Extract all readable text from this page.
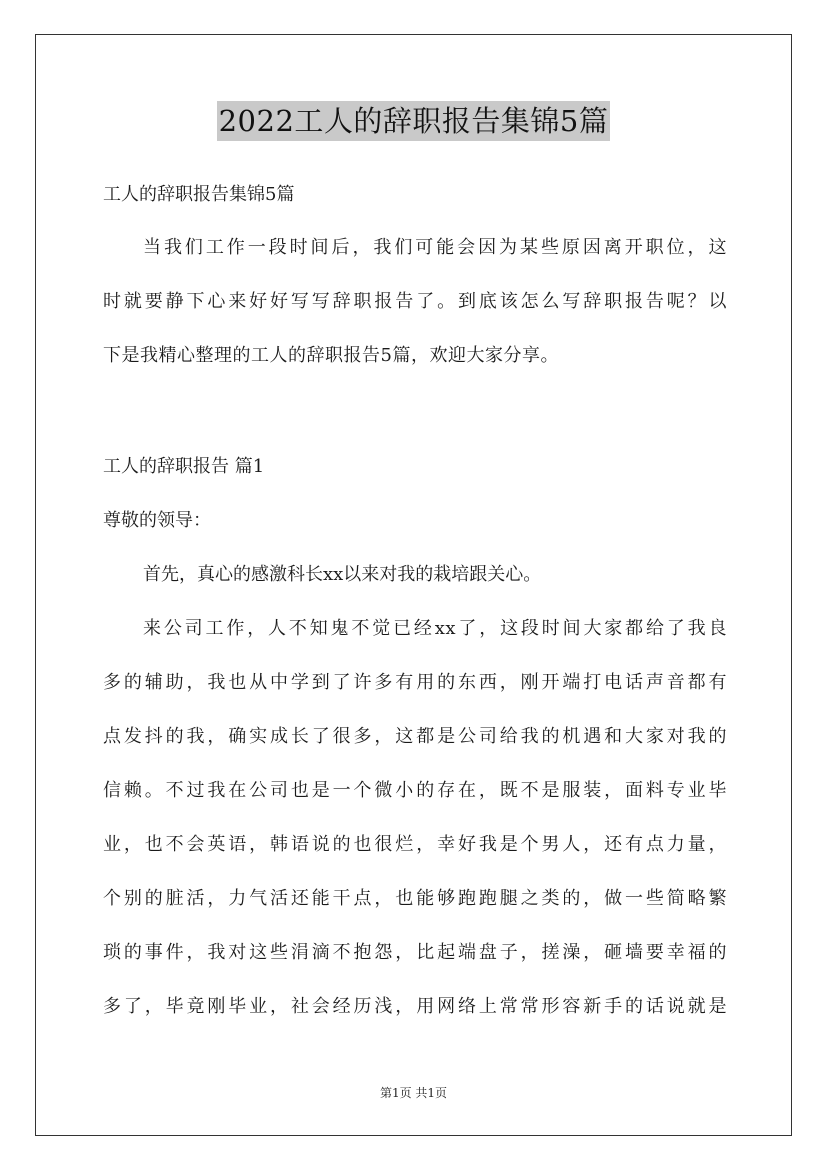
2022工人的辞职报告集锦5篇

工人的辞职报告集锦5篇

当我们工作一段时间后，我们可能会因为某些原因离开职位，这
时就要静下心来好好写写辞职报告了。到底该怎么写辞职报告呢？以
下是我精心整理的工人的辞职报告5篇，欢迎大家分享。

工人的辞职报告 篇1

尊敬的领导：

首先，真心的感激科长xx以来对我的栽培跟关心。

来公司工作，人不知鬼不觉已经xx了，这段时间大家都给了我良
多的辅助，我也从中学到了许多有用的东西，刚开端打电话声音都有
点发抖的我，确实成长了很多，这都是公司给我的机遇和大家对我的
信赖。不过我在公司也是一个微小的存在，既不是服装，面料专业毕
业，也不会英语，韩语说的也很烂，幸好我是个男人，还有点力量，
个别的脏活，力气活还能干点，也能够跑跑腿之类的，做一些简略繁
琐的事件，我对这些涓滴不抱怨，比起端盘子，搓澡，砸墙要幸福的
多了，毕竟刚毕业，社会经历浅，用网络上常常形容新手的话说就是
第1页 共1页
